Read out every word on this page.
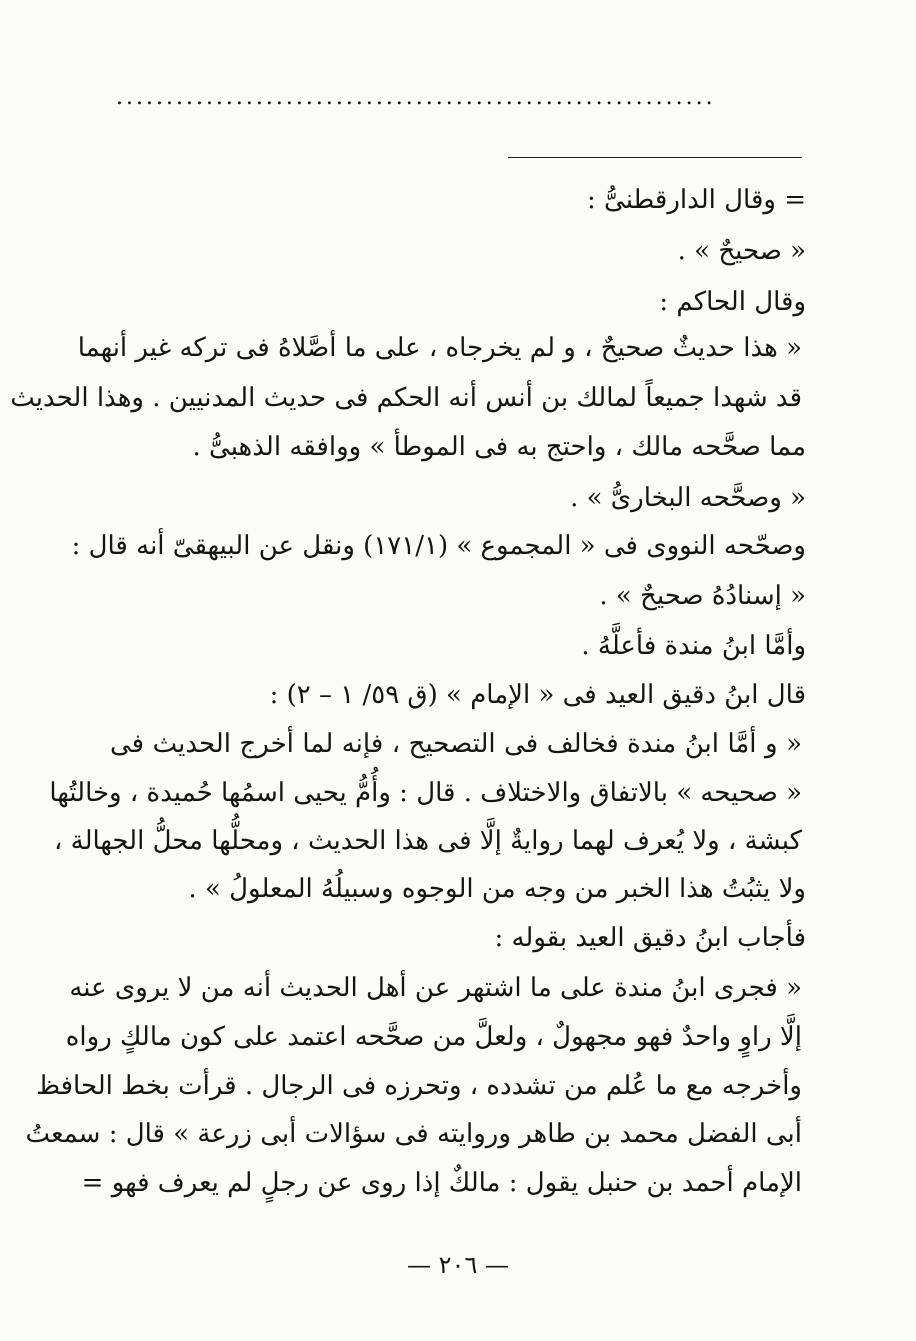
............................................................
= وقال الدارقطنىُّ :
« صحيحٌ » .
وقال الحاكم :
« هذا حديثٌ صحيحٌ ، و لم يخرجاه ، على ما أصَّلاهُ فى تركه غير أنهما
قد شهدا جميعاً لمالك بن أنس أنه الحكم فى حديث المدنيين . وهذا الحديث
مما صحَّحه مالك ، واحتج به فى الموطأ » ووافقه الذهبىُّ .
« وصحَّحه البخارىُّ » .
وصحّحه النووى فى « المجموع » (١٧١/١) ونقل عن البيهقىّ أنه قال :
« إسنادُهُ صحيحٌ » .
وأمَّا ابنُ مندة فأعلَّهُ .
قال ابنُ دقيق العيد فى « الإمام » (ق ٥٩/ ١ – ٢) :
« و أمَّا ابنُ مندة فخالف فى التصحيح ، فإنه لما أخرج الحديث فى
« صحيحه » بالاتفاق والاختلاف . قال : وأُمُّ يحيى اسمُها حُميدة ، وخالتُها
كبشة ، ولا يُعرف لهما روايةٌ إلَّا فى هذا الحديث ، ومحلُّها محلُّ الجهالة ،
ولا يثبُتُ هذا الخبر من وجه من الوجوه وسبيلُهُ المعلولُ » .
فأجاب ابنُ دقيق العيد بقوله :
« فجرى ابنُ مندة على ما اشتهر عن أهل الحديث أنه من لا يروى عنه
إلَّا راوٍ واحدٌ فهو مجهولٌ ، ولعلَّ من صحَّحه اعتمد على كون مالكٍ رواه
وأخرجه مع ما عُلم من تشدده ، وتحرزه فى الرجال . قرأت بخط الحافظ
أبى الفضل محمد بن طاهر وروايته فى سؤالات أبى زرعة » قال : سمعتُ
الإمام أحمد بن حنبل يقول : مالكٌ إذا روى عن رجلٍ لم يعرف فهو =
— ٢٠٦ —
